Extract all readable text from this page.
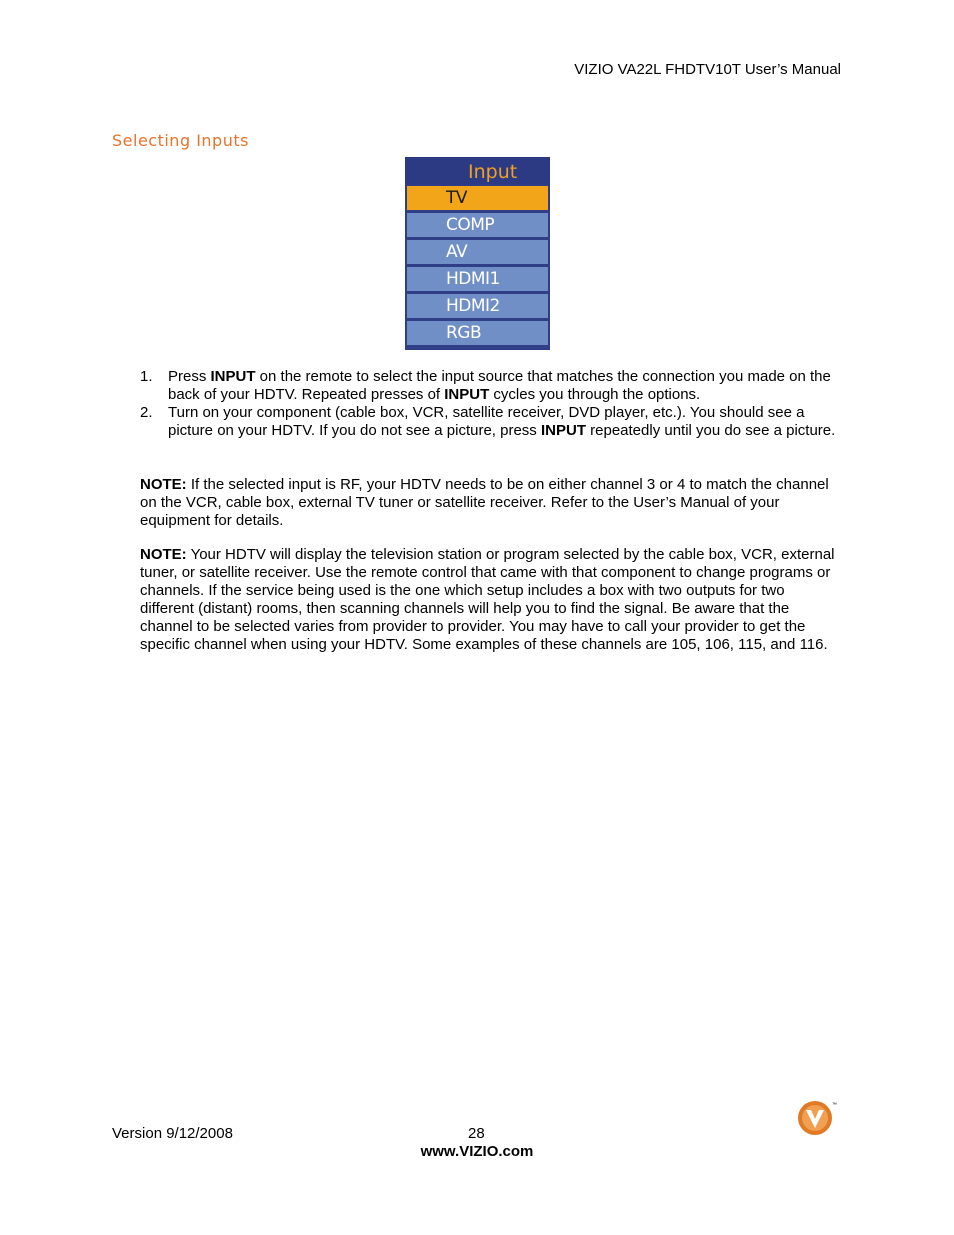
VIZIO VA22L FHDTV10T User’s Manual
Selecting Inputs
Input
TV
COMP
AV
HDMI1
HDMI2
RGB
1. Press INPUT on the remote to select the input source that matches the connection you made on the back of your HDTV. Repeated presses of INPUT cycles you through the options.
2. Turn on your component (cable box, VCR, satellite receiver, DVD player, etc.). You should see a picture on your HDTV. If you do not see a picture, press INPUT repeatedly until you do see a picture.

NOTE: If the selected input is RF, your HDTV needs to be on either channel 3 or 4 to match the channel on the VCR, cable box, external TV tuner or satellite receiver. Refer to the User’s Manual of your equipment for details.

NOTE: Your HDTV will display the television station or program selected by the cable box, VCR, external tuner, or satellite receiver. Use the remote control that came with that component to change programs or channels. If the service being used is the one which setup includes a box with two outputs for two different (distant) rooms, then scanning channels will help you to find the signal. Be aware that the channel to be selected varies from provider to provider. You may have to call your provider to get the specific channel when using your HDTV. Some examples of these channels are 105, 106, 115, and 116.

Version 9/12/2008	28
www.VIZIO.com
™
